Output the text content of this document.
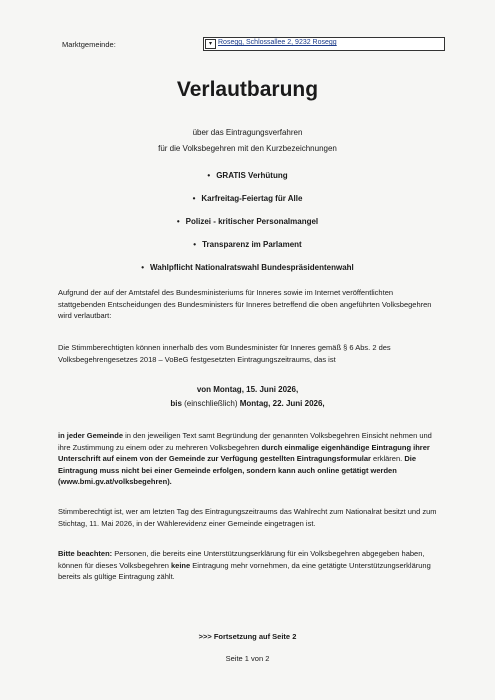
Marktgemeinde:	▾ Rosegg, Schlossallee 2, 9232 Rosegg
Verlautbarung
über das Eintragungsverfahren
für die Volksbegehren mit den Kurzbezeichnungen
• GRATIS Verhütung
• Karfreitag-Feiertag für Alle
• Polizei - kritischer Personalmangel
• Transparenz im Parlament
• Wahlpflicht Nationalratswahl Bundespräsidentenwahl
Aufgrund der auf der Amtstafel des Bundesministeriums für Inneres sowie im Internet veröffentlichten stattgebenden Entscheidungen des Bundesministers für Inneres betreffend die oben angeführten Volksbegehren wird verlautbart:
Die Stimmberechtigten können innerhalb des vom Bundesminister für Inneres gemäß § 6 Abs. 2 des Volksbegehrengesetzes 2018 – VoBeG festgesetzten Eintragungszeitraums, das ist
von Montag, 15. Juni 2026,
bis (einschließlich) Montag, 22. Juni 2026,
in jeder Gemeinde in den jeweiligen Text samt Begründung der genannten Volksbegehren Einsicht nehmen und ihre Zustimmung zu einem oder zu mehreren Volksbegehren durch einmalige eigenhändige Eintragung ihrer Unterschrift auf einem von der Gemeinde zur Verfügung gestellten Eintragungsformular erklären. Die Eintragung muss nicht bei einer Gemeinde erfolgen, sondern kann auch online getätigt werden (www.bmi.gv.at/volksbegehren).
Stimmberechtigt ist, wer am letzten Tag des Eintragungszeitraums das Wahlrecht zum Nationalrat besitzt und zum Stichtag, 11. Mai 2026, in der Wählerevidenz einer Gemeinde eingetragen ist.
Bitte beachten: Personen, die bereits eine Unterstützungserklärung für ein Volksbegehren abgegeben haben, können für dieses Volksbegehren keine Eintragung mehr vornehmen, da eine getätigte Unterstützungserklärung bereits als gültige Eintragung zählt.
>>> Fortsetzung auf Seite 2
Seite 1 von 2
